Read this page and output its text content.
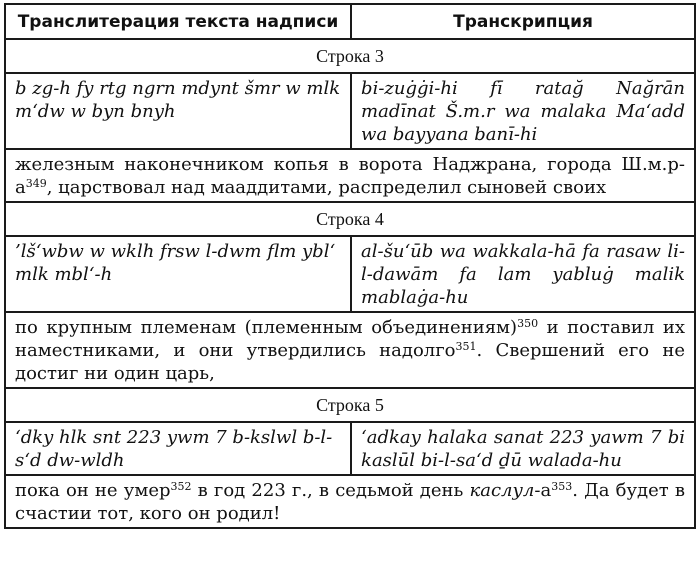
Транслитерация текста надписи	Транскрипция
Строка 3	
b zg-h fy rtg ngrn mdynt šmr w mlk m‘dw w byn bnyh	bi-zuġġi-hi fī ratağ Nağrān madīnat Š.m.r wa malaka Ma‘add wa bayyana banī-hi
железным наконечником копья в ворота Наджрана, города $Ш.м.р-а^{349}$, царствовал над мааддитами, распределил сыновей своих	
Строка 4	
’lš‘wbw w wklh frsw l-dwm flm ybl‘ mlk mbl‘-h	al-šu‘ūb wa wakkala-hā fa rasaw li-l-dawām fa lam yabluġ malik mablaġa-hu
по крупным племенам (племенным объединениям)$^{350}$ и поставил их наместниками, и они утвердились надолго$^{351}$. Свершений его не достиг ни один царь,	
Строка 5	
‘dky hlk snt 223 ywm 7 b-kslwl b-l-s‘d dw-wldh	‘adkay halaka sanat 223 yawm 7 bi kaslūl bi-l-sa‘d ḏū walada-hu
пока он не умер$^{352}$ в год 223 г., в седьмой день каслул-$а^{353}$. Да будет в счастии тот, кого он родил!	
